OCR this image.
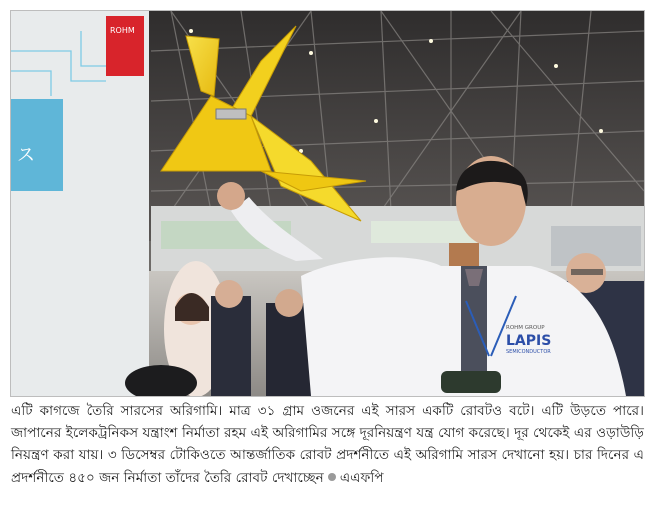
ス
ROHM
ROHM GROUP
LAPIS
SEMICONDUCTOR

এটি কাগজে তৈরি সারসের অরিগামি। মাত্র ৩১ গ্রাম ওজনের এই সারস একটি রোবটও বটে। এটি উড়তে পারে। জাপানের ইলেকট্রনিকস যন্ত্রাংশ নির্মাতা রহম এই অরিগামির সঙ্গে দূরনিয়ন্ত্রণ যন্ত্র যোগ করেছে। দূর থেকেই এর ওড়াউড়ি নিয়ন্ত্রণ করা যায়। ৩ ডিসেম্বর টোকিওতে আন্তর্জাতিক রোবট প্রদর্শনীতে এই অরিগামি সারস দেখানো হয়। চার দিনের এ প্রদর্শনীতে ৪৫০ জন নির্মাতা তাঁদের তৈরি রোবট দেখাচ্ছেন এএফপি
